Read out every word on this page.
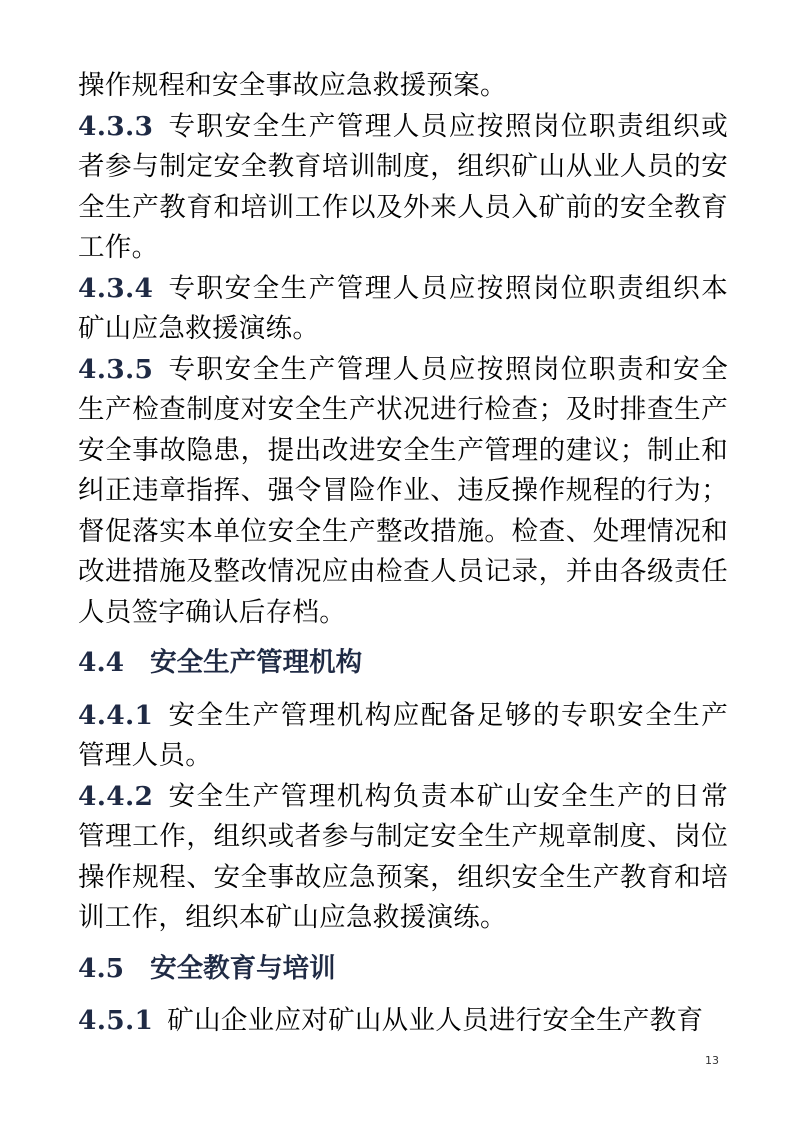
操作规程和安全事故应急救援预案。

4.3.3 专职安全生产管理人员应按照岗位职责组织或者参与制定安全教育培训制度，组织矿山从业人员的安全生产教育和培训工作以及外来人员入矿前的安全教育工作。

4.3.4 专职安全生产管理人员应按照岗位职责组织本矿山应急救援演练。

4.3.5 专职安全生产管理人员应按照岗位职责和安全生产检查制度对安全生产状况进行检查；及时排查生产安全事故隐患，提出改进安全生产管理的建议；制止和纠正违章指挥、强令冒险作业、违反操作规程的行为；督促落实本单位安全生产整改措施。检查、处理情况和改进措施及整改情况应由检查人员记录，并由各级责任人员签字确认后存档。

4.4 安全生产管理机构

4.4.1 安全生产管理机构应配备足够的专职安全生产管理人员。

4.4.2 安全生产管理机构负责本矿山安全生产的日常管理工作，组织或者参与制定安全生产规章制度、岗位操作规程、安全事故应急预案，组织安全生产教育和培训工作，组织本矿山应急救援演练。

4.5 安全教育与培训

4.5.1 矿山企业应对矿山从业人员进行安全生产教育

13
